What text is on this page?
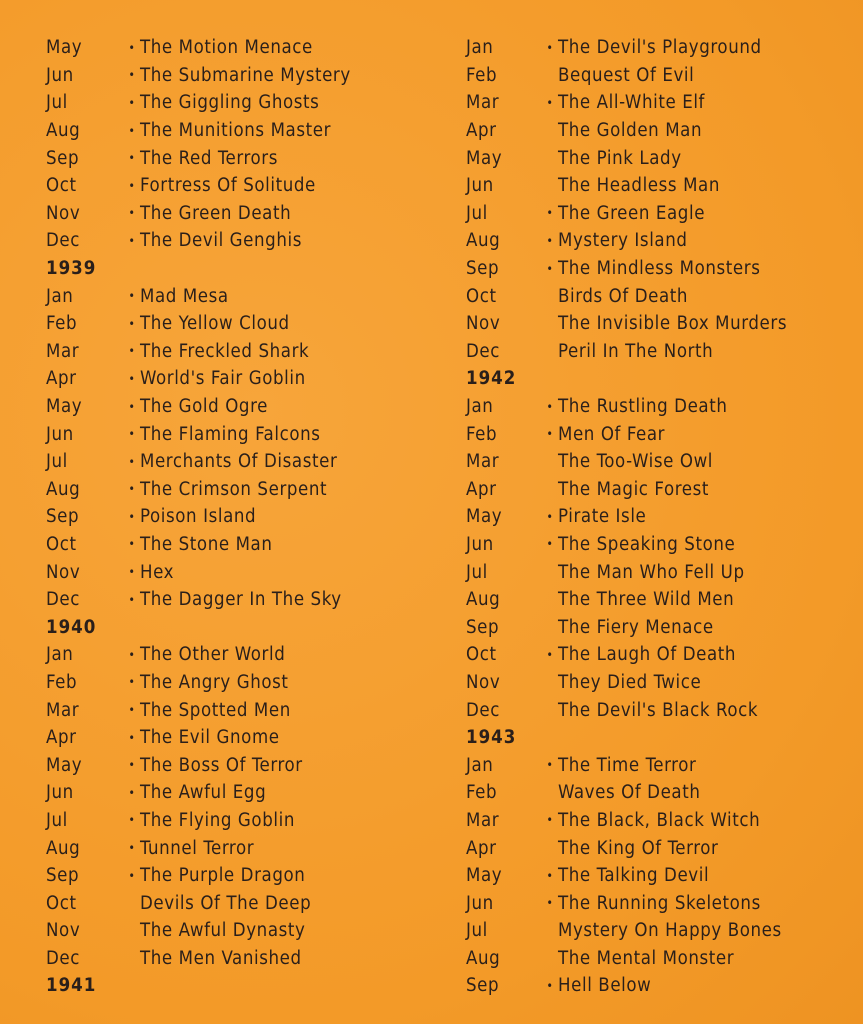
May	• The Motion Menace
Jun	• The Submarine Mystery
Jul	• The Giggling Ghosts
Aug	• The Munitions Master
Sep	• The Red Terrors
Oct	• Fortress Of Solitude
Nov	• The Green Death
Dec	• The Devil Genghis
1939
Jan	• Mad Mesa
Feb	• The Yellow Cloud
Mar	• The Freckled Shark
Apr	• World's Fair Goblin
May	• The Gold Ogre
Jun	• The Flaming Falcons
Jul	• Merchants Of Disaster
Aug	• The Crimson Serpent
Sep	• Poison Island
Oct	• The Stone Man
Nov	• Hex
Dec	• The Dagger In The Sky
1940
Jan	• The Other World
Feb	• The Angry Ghost
Mar	• The Spotted Men
Apr	• The Evil Gnome
May	• The Boss Of Terror
Jun	• The Awful Egg
Jul	• The Flying Goblin
Aug	• Tunnel Terror
Sep	• The Purple Dragon
Oct	Devils Of The Deep
Nov	The Awful Dynasty
Dec	The Men Vanished
1941
Jan	• The Devil's Playground
Feb	Bequest Of Evil
Mar	• The All-White Elf
Apr	The Golden Man
May	The Pink Lady
Jun	The Headless Man
Jul	• The Green Eagle
Aug	• Mystery Island
Sep	• The Mindless Monsters
Oct	Birds Of Death
Nov	The Invisible Box Murders
Dec	Peril In The North
1942
Jan	• The Rustling Death
Feb	• Men Of Fear
Mar	The Too-Wise Owl
Apr	The Magic Forest
May	• Pirate Isle
Jun	• The Speaking Stone
Jul	The Man Who Fell Up
Aug	The Three Wild Men
Sep	The Fiery Menace
Oct	• The Laugh Of Death
Nov	They Died Twice
Dec	The Devil's Black Rock
1943
Jan	• The Time Terror
Feb	Waves Of Death
Mar	• The Black, Black Witch
Apr	The King Of Terror
May	• The Talking Devil
Jun	• The Running Skeletons
Jul	Mystery On Happy Bones
Aug	The Mental Monster
Sep	• Hell Below
